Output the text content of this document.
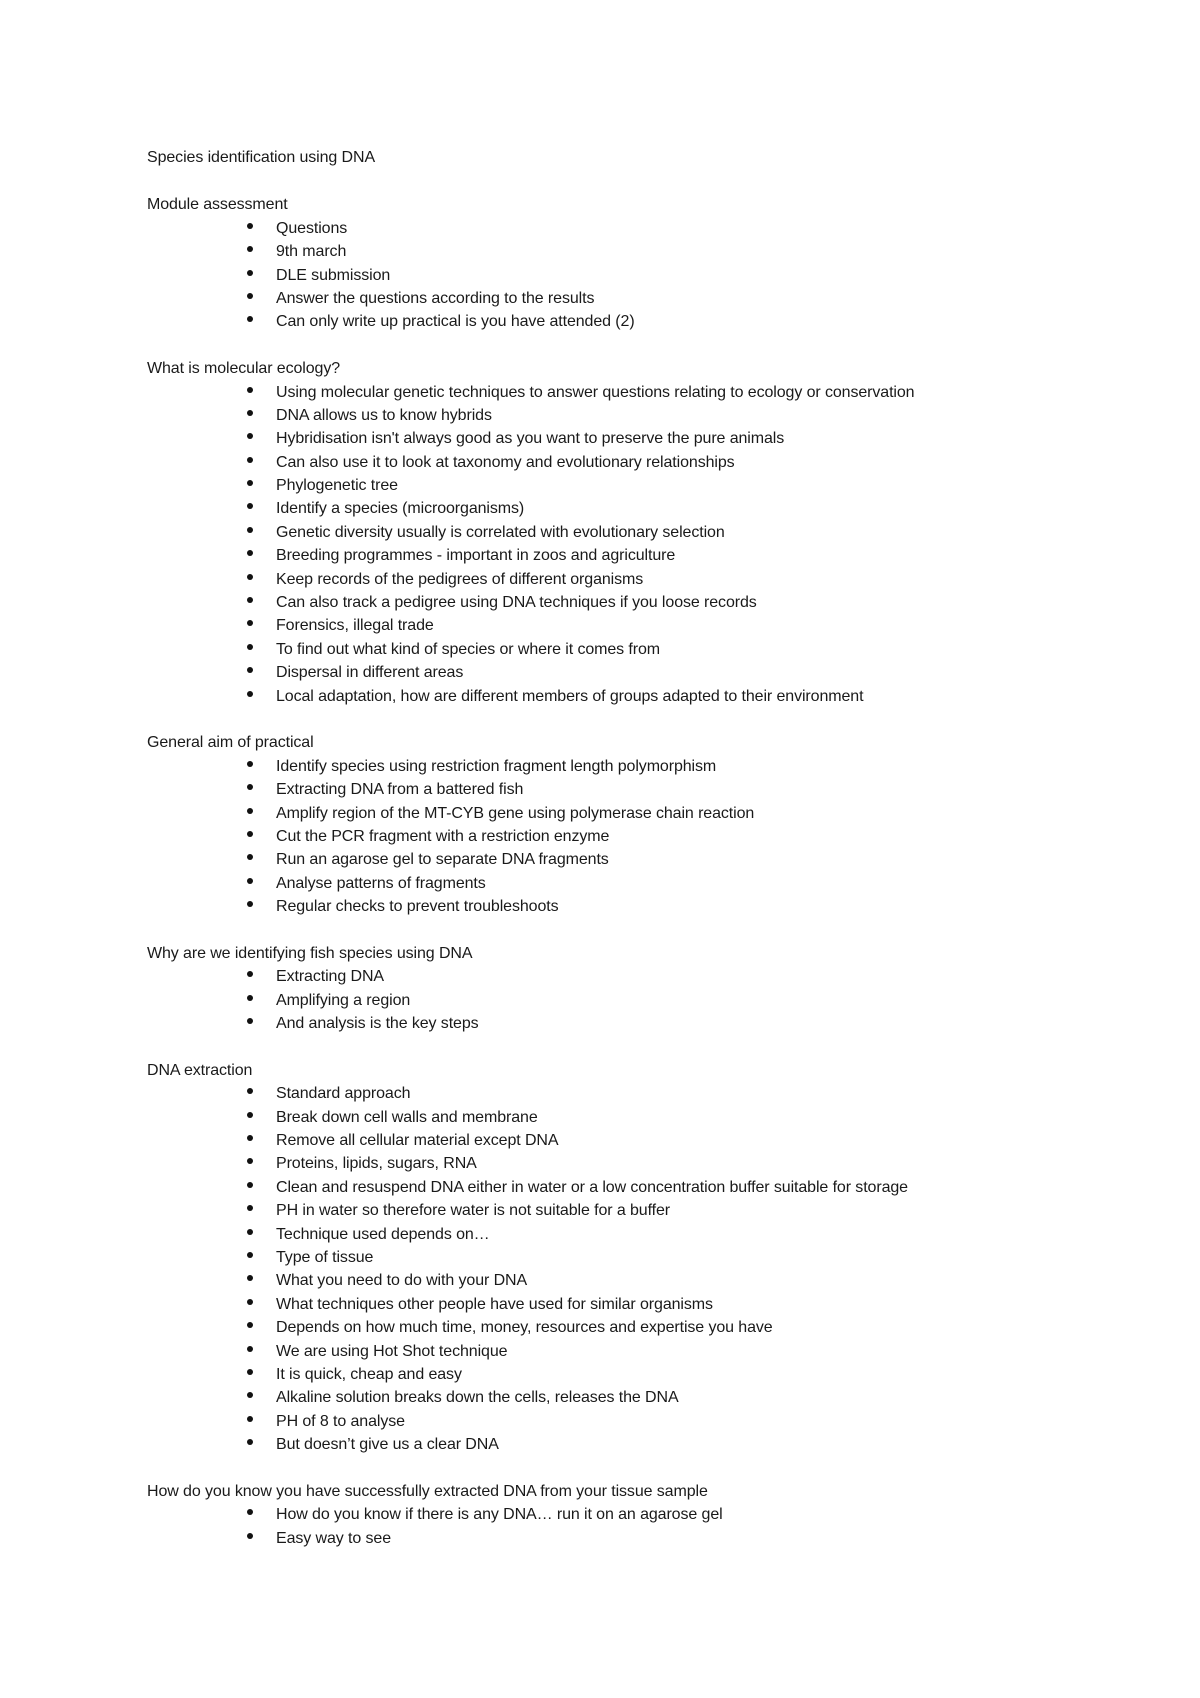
Species identification using DNA
Module assessment
Questions
9th march
DLE submission
Answer the questions according to the results
Can only write up practical is you have attended (2)
What is molecular ecology?
Using molecular genetic techniques to answer questions relating to ecology or conservation
DNA allows us to know hybrids
Hybridisation isn't always good as you want to preserve the pure animals
Can also use it to look at taxonomy and evolutionary relationships
Phylogenetic tree
Identify a species (microorganisms)
Genetic diversity usually is correlated with evolutionary selection
Breeding programmes - important in zoos and agriculture
Keep records of the pedigrees of different organisms
Can also track a pedigree using DNA techniques if you loose records
Forensics, illegal trade
To find out what kind of species or where it comes from
Dispersal in different areas
Local adaptation, how are different members of groups adapted to their environment
General aim of practical
Identify species using restriction fragment length polymorphism
Extracting DNA from a battered fish
Amplify region of the MT-CYB gene using polymerase chain reaction
Cut the PCR fragment with a restriction enzyme
Run an agarose gel to separate DNA fragments
Analyse patterns of fragments
Regular checks to prevent troubleshoots
Why are we identifying fish species using DNA
Extracting DNA
Amplifying a region
And analysis is the key steps
DNA extraction
Standard approach
Break down cell walls and membrane
Remove all cellular material except DNA
Proteins, lipids, sugars, RNA
Clean and resuspend DNA either in water or a low concentration buffer suitable for storage
PH in water so therefore water is not suitable for a buffer
Technique used depends on…
Type of tissue
What you need to do with your DNA
What techniques other people have used for similar organisms
Depends on how much time, money, resources and expertise you have
We are using Hot Shot technique
It is quick, cheap and easy
Alkaline solution breaks down the cells, releases the DNA
PH of 8 to analyse
But doesn’t give us a clear DNA
How do you know you have successfully extracted DNA from your tissue sample
How do you know if there is any DNA… run it on an agarose gel
Easy way to see
